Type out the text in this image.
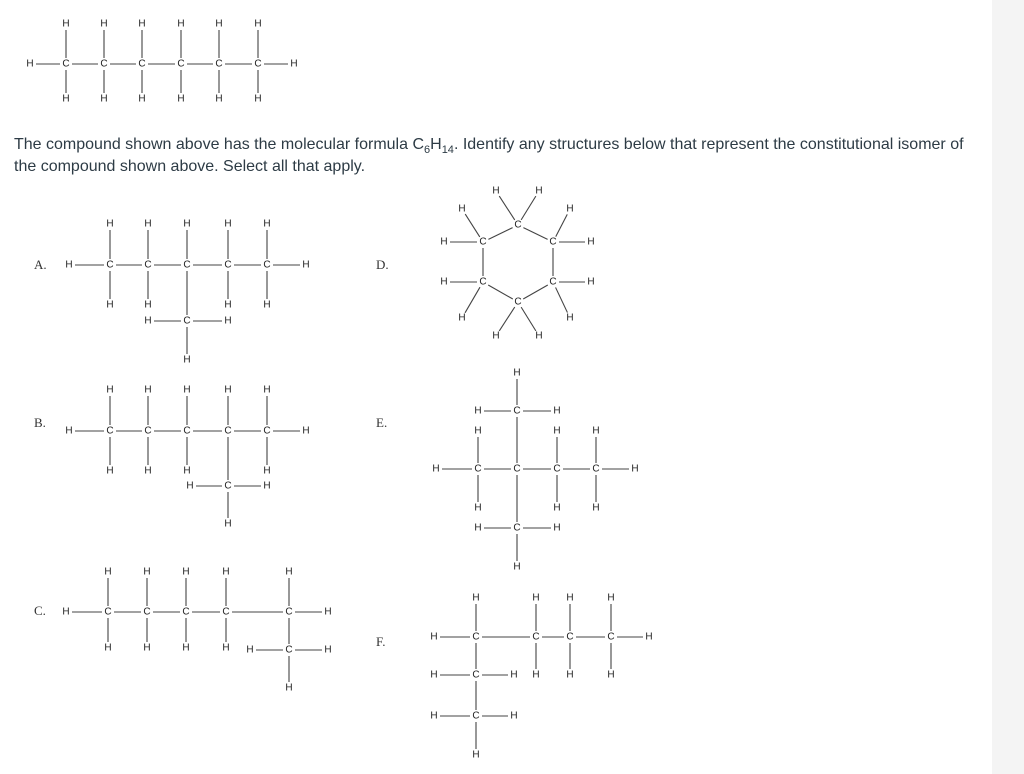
C
H
H
C
H
H
C
H
H
C
H
H
C
H
H
C
H
H
H	H
The compound shown above has the molecular formula $C_6H_{14}$. Identify any structures below that represent the constitutional isomer of the compound shown above. Select all that apply.
A.
B.
C.
D.
E.
F.
C
H
H
C
H
H
C
H
C
H
H
C
H
H
H	H
C
H	H
H
C
H
H
C
H
H
C
H
H
C
H
C
H
H
H	H
C
H	H
H
C
H
H
C
H
H
C
H
H
C
H
H
H	C
H
H
C
H	H
H
C
C
C
C
C
C
H	H
H
H
H
H
H	H
H
H
H
H
C	C	C	C
H	H
H
H
H
H
H
H
C
H	H
H
C
H	H
H
C	C	C	C
H	H
H	H
H
H
H
H
H
C
H	H
C
H	H
H
